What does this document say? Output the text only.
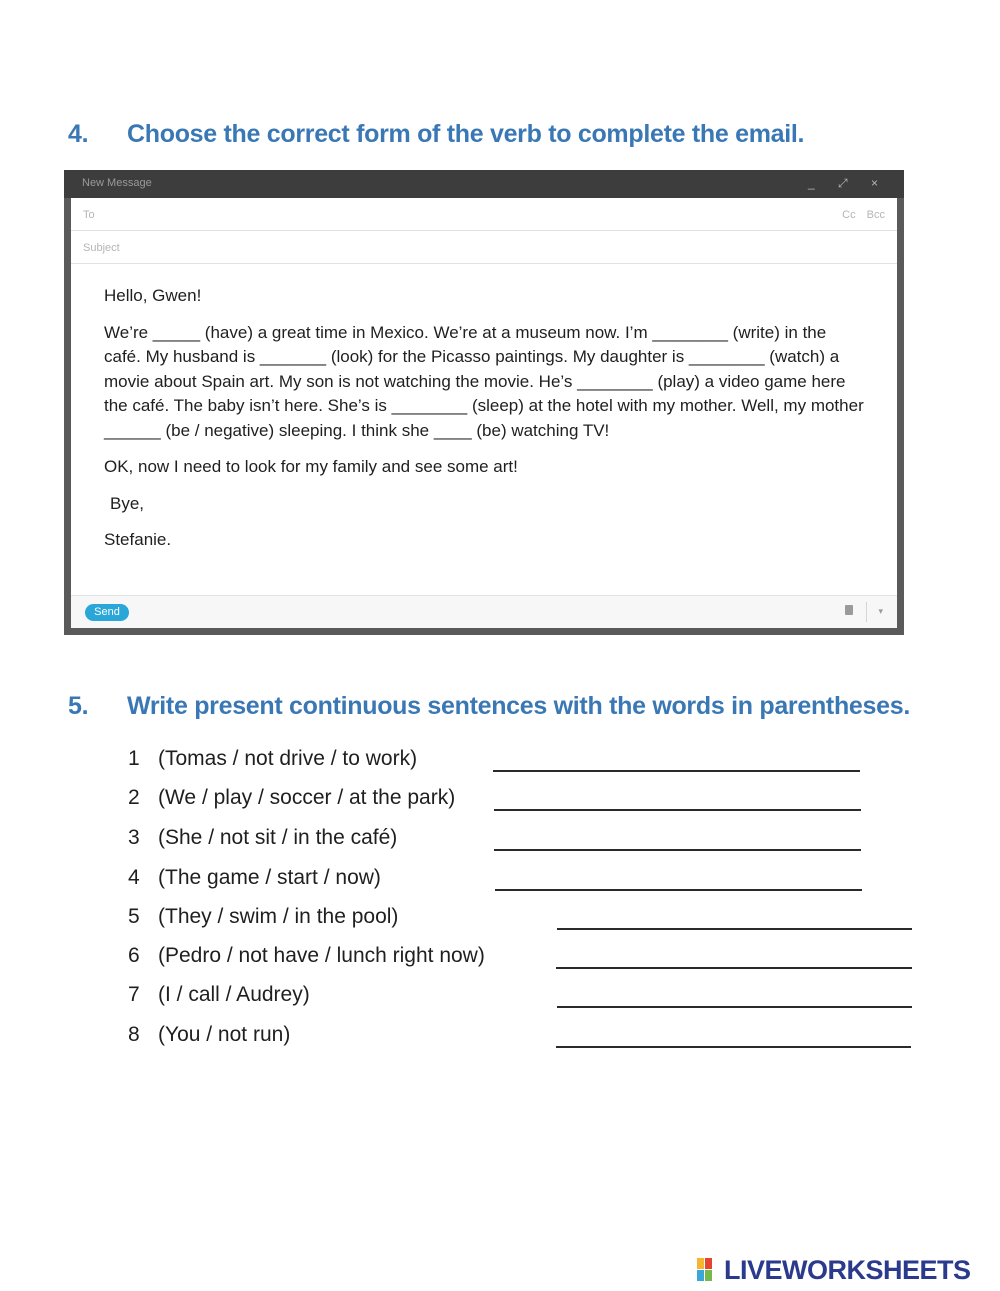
4. Choose the correct form of the verb to complete the email.
New Message	_ ⤢ ×
To	Cc Bcc
Subject

Hello, Gwen!

We’re _____ (have) a great time in Mexico. We’re at a museum now. I’m ________ (write) in the café. My husband is _______ (look) for the Picasso paintings. My daughter is ________ (watch) a movie about Spain art. My son is not watching the movie. He’s ________ (play) a video game here the café. The baby isn’t here. She’s is ________ (sleep) at the hotel with my mother. Well, my mother ______ (be / negative) sleeping. I think she ____ (be) watching TV!

OK, now I need to look for my family and see some art!

Bye,

Stefanie.

Send	▾
5. Write present continuous sentences with the words in parentheses.
1 (Tomas / not drive / to work)
2 (We / play / soccer / at the park)
3 (She / not sit / in the café)
4 (The game / start / now)
5 (They / swim / in the pool)
6 (Pedro / not have / lunch right now)
7 (I / call / Audrey)
8 (You / not run)
LIVEWORKSHEETS
